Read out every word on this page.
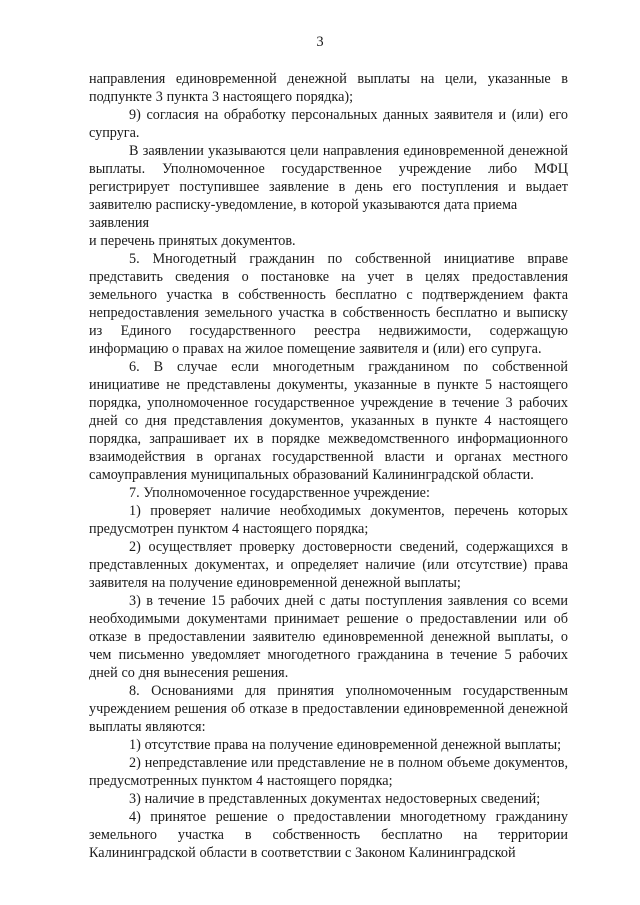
3

направления единовременной денежной выплаты на цели, указанные в подпункте 3 пункта 3 настоящего порядка);

9) согласия на обработку персональных данных заявителя и (или) его супруга.

В заявлении указываются цели направления единовременной денежной выплаты. Уполномоченное государственное учреждение либо МФЦ регистрирует поступившее заявление в день его поступления и выдает заявителю расписку-уведомление, в которой указываются дата приема

заявления

и перечень принятых документов.

5. Многодетный гражданин по собственной инициативе вправе представить сведения о постановке на учет в целях предоставления земельного участка в собственность бесплатно с подтверждением факта непредоставления земельного участка в собственность бесплатно и выписку из Единого государственного реестра недвижимости, содержащую информацию о правах на жилое помещение заявителя и (или) его супруга.

6. В случае если многодетным гражданином по собственной инициативе не представлены документы, указанные в пункте 5 настоящего порядка, уполномоченное государственное учреждение в течение 3 рабочих дней со дня представления документов, указанных в пункте 4 настоящего порядка, запрашивает их в порядке межведомственного информационного взаимодействия в органах государственной власти и органах местного самоуправления муниципальных образований Калининградской области.

7. Уполномоченное государственное учреждение:

1) проверяет наличие необходимых документов, перечень которых предусмотрен пунктом 4 настоящего порядка;

2) осуществляет проверку достоверности сведений, содержащихся в представленных документах, и определяет наличие (или отсутствие) права заявителя на получение единовременной денежной выплаты;

3) в течение 15 рабочих дней с даты поступления заявления со всеми необходимыми документами принимает решение о предоставлении или об отказе в предоставлении заявителю единовременной денежной выплаты, о чем письменно уведомляет многодетного гражданина в течение 5 рабочих дней со дня вынесения решения.

8. Основаниями для принятия уполномоченным государственным учреждением решения об отказе в предоставлении единовременной денежной выплаты являются:

1) отсутствие права на получение единовременной денежной выплаты;

2) непредставление или представление не в полном объеме документов, предусмотренных пунктом 4 настоящего порядка;

3) наличие в представленных документах недостоверных сведений;

4) принятое решение о предоставлении многодетному гражданину земельного участка в собственность бесплатно на территории Калининградской области в соответствии с Законом Калининградской
